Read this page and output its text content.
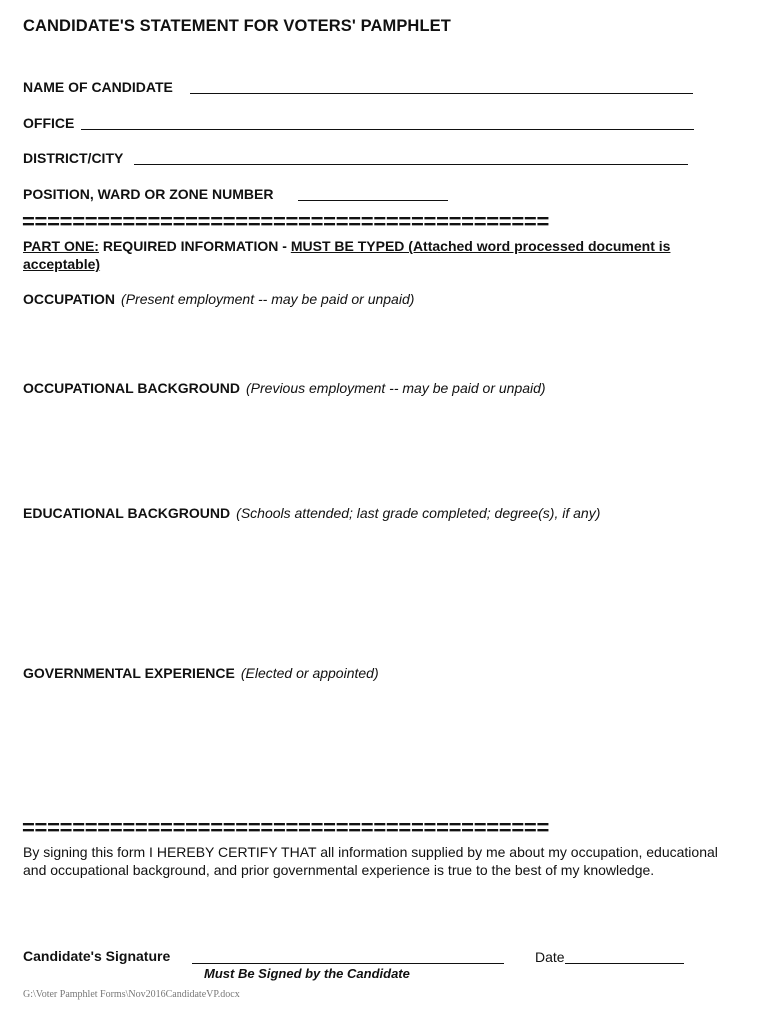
CANDIDATE'S STATEMENT FOR VOTERS' PAMPHLET
NAME OF CANDIDATE
OFFICE
DISTRICT/CITY
POSITION, WARD OR ZONE NUMBER
==========================================
PART ONE: REQUIRED INFORMATION - MUST BE TYPED (Attached word processed document is acceptable)
OCCUPATION (Present employment -- may be paid or unpaid)
OCCUPATIONAL BACKGROUND (Previous employment -- may be paid or unpaid)
EDUCATIONAL BACKGROUND (Schools attended; last grade completed; degree(s), if any)
GOVERNMENTAL EXPERIENCE (Elected or appointed)
==========================================
By signing this form I HEREBY CERTIFY THAT all information supplied by me about my occupation, educational and occupational background, and prior governmental experience is true to the best of my knowledge.
Candidate's Signature	Date
Must Be Signed by the Candidate
G:\Voter Pamphlet Forms\Nov2016CandidateVP.docx
